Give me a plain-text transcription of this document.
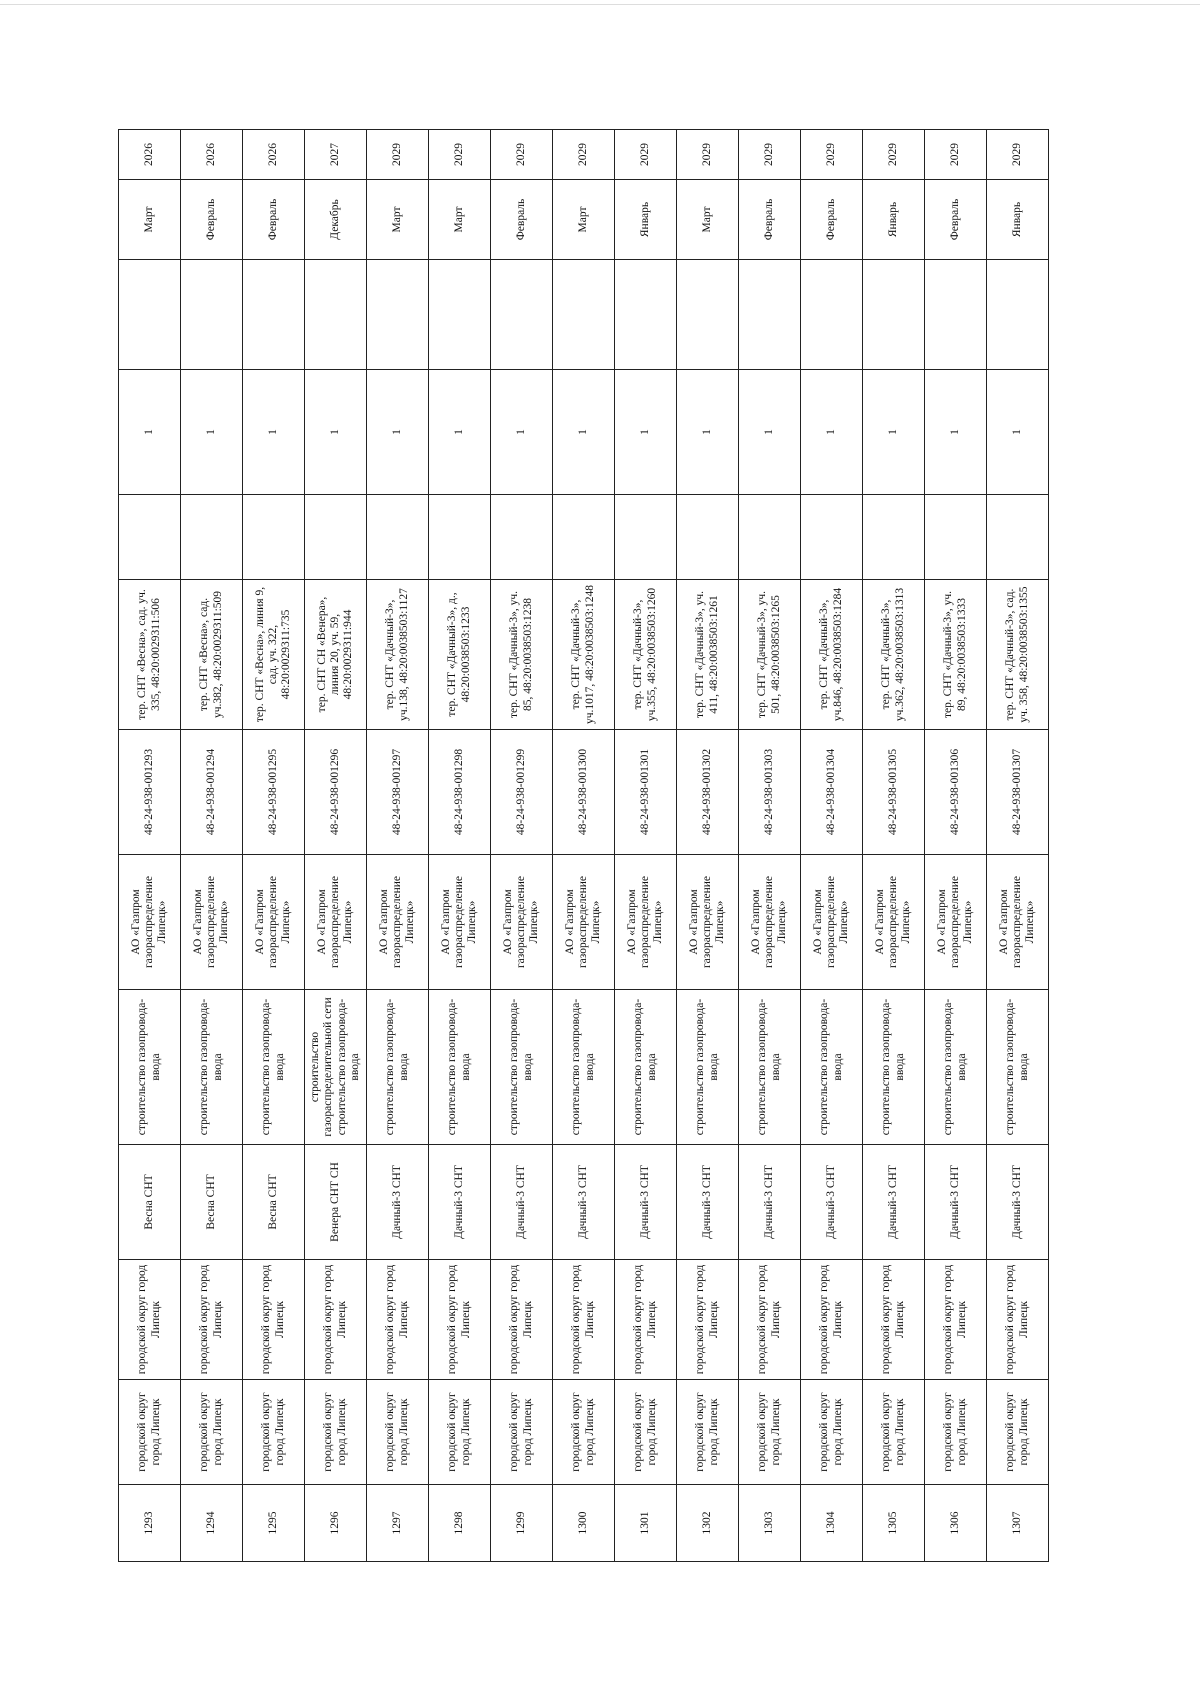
1293	городской округ город Липецк	городской округ город Липецк	Весна СНТ	строительство газопровода-ввода	АО «Газпром газораспределение Липецк»	48-24-938-001293	тер. СНТ «Весна», сад. уч. 335, 48:20:0029311:506		1		Март	2026
1294	городской округ город Липецк	городской округ город Липецк	Весна СНТ	строительство газопровода-ввода	АО «Газпром газораспределение Липецк»	48-24-938-001294	тер. СНТ «Весна», сад. уч.382, 48:20:0029311:509		1		Февраль	2026
1295	городской округ город Липецк	городской округ город Липецк	Весна СНТ	строительство газопровода-ввода	АО «Газпром газораспределение Липецк»	48-24-938-001295	тер. СНТ «Весна», линия 9, сад. уч. 322, 48:20:0029311:735		1		Февраль	2026
1296	городской округ город Липецк	городской округ город Липецк	Венера СНТ СН	строительство газораспределительной сети строительство газопровода-ввода	АО «Газпром газораспределение Липецк»	48-24-938-001296	тер. СНТ СН «Венера», линия 20, уч. 59, 48:20:0029311:944		1		Декабрь	2027
1297	городской округ город Липецк	городской округ город Липецк	Дачный-3 СНТ	строительство газопровода-ввода	АО «Газпром газораспределение Липецк»	48-24-938-001297	тер. СНТ «Дачный-3», уч.138, 48:20:0038503:1127		1		Март	2029
1298	городской округ город Липецк	городской округ город Липецк	Дачный-3 СНТ	строительство газопровода-ввода	АО «Газпром газораспределение Липецк»	48-24-938-001298	тер. СНТ «Дачный-3», д., 48:20:0038503:1233		1		Март	2029
1299	городской округ город Липецк	городской округ город Липецк	Дачный-3 СНТ	строительство газопровода-ввода	АО «Газпром газораспределение Липецк»	48-24-938-001299	тер. СНТ «Дачный-3», уч. 85, 48:20:0038503:1238		1		Февраль	2029
1300	городской округ город Липецк	городской округ город Липецк	Дачный-3 СНТ	строительство газопровода-ввода	АО «Газпром газораспределение Липецк»	48-24-938-001300	тер. СНТ «Дачный-3», уч.1017, 48:20:0038503:1248		1		Март	2029
1301	городской округ город Липецк	городской округ город Липецк	Дачный-3 СНТ	строительство газопровода-ввода	АО «Газпром газораспределение Липецк»	48-24-938-001301	тер. СНТ «Дачный-3», уч.355, 48:20:0038503:1260		1		Январь	2029
1302	городской округ город Липецк	городской округ город Липецк	Дачный-3 СНТ	строительство газопровода-ввода	АО «Газпром газораспределение Липецк»	48-24-938-001302	тер. СНТ «Дачный-3», уч. 411, 48:20:0038503:1261		1		Март	2029
1303	городской округ город Липецк	городской округ город Липецк	Дачный-3 СНТ	строительство газопровода-ввода	АО «Газпром газораспределение Липецк»	48-24-938-001303	тер. СНТ «Дачный-3», уч. 501, 48:20:0038503:1265		1		Февраль	2029
1304	городской округ город Липецк	городской округ город Липецк	Дачный-3 СНТ	строительство газопровода-ввода	АО «Газпром газораспределение Липецк»	48-24-938-001304	тер. СНТ «Дачный-3», уч.846, 48:20:0038503:1284		1		Февраль	2029
1305	городской округ город Липецк	городской округ город Липецк	Дачный-3 СНТ	строительство газопровода-ввода	АО «Газпром газораспределение Липецк»	48-24-938-001305	тер. СНТ «Дачный-3», уч.362, 48:20:0038503:1313		1		Январь	2029
1306	городской округ город Липецк	городской округ город Липецк	Дачный-3 СНТ	строительство газопровода-ввода	АО «Газпром газораспределение Липецк»	48-24-938-001306	тер. СНТ «Дачный-3», уч. 89, 48:20:0038503:1333		1		Февраль	2029
1307	городской округ город Липецк	городской округ город Липецк	Дачный-3 СНТ	строительство газопровода-ввода	АО «Газпром газораспределение Липецк»	48-24-938-001307	тер. СНТ «Дачный-3», сад. уч. 358, 48:20:0038503:1355		1		Январь	2029
